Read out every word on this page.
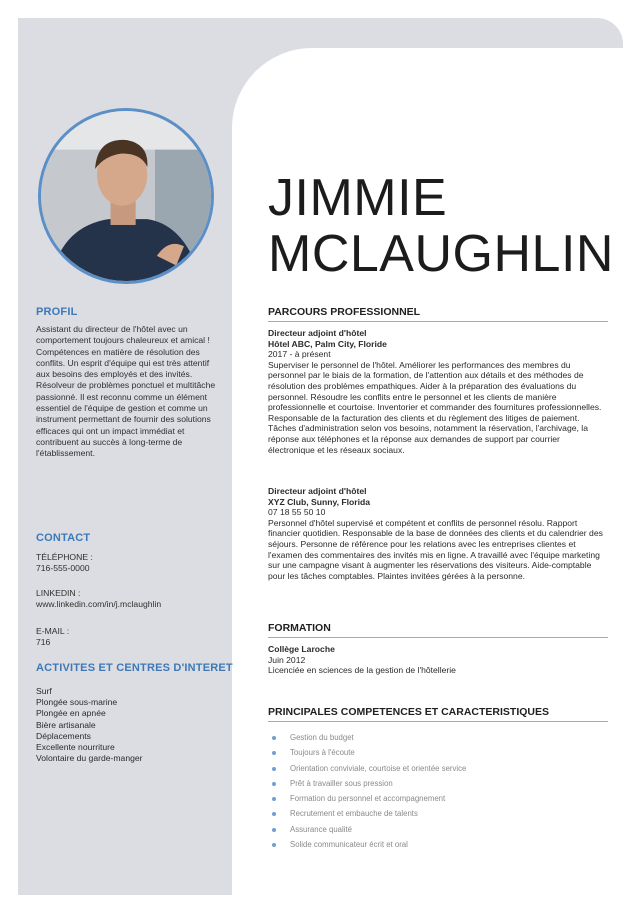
PROFIL

Assistant du directeur de l'hôtel avec un comportement toujours chaleureux et amical ! Compétences en matière de résolution des conflits. Un esprit d'équipe qui est très attentif aux besoins des employés et des invités. Résolveur de problèmes ponctuel et multitâche passionné. Il est reconnu comme un élément essentiel de l'équipe de gestion et comme un instrument permettant de fournir des solutions efficaces qui ont un impact immédiat et contribuent au succès à long-terme de l'établissement.

CONTACT

TÉLÉPHONE :

716-555-0000

LINKEDIN :

www.linkedin.com/in/j.mclaughlin

E-MAIL :

716

ACTIVITES ET CENTRES D'INTERET
Surf
Plongée sous-marine
Plongée en apnée
Bière artisanale
Déplacements
Excellente nourriture
Volontaire du garde-manger
JIMMIE
MCLAUGHLIN
PARCOURS PROFESSIONNEL

Directeur adjoint d'hôtel

Hôtel ABC, Palm City, Floride

2017 - à présent

Superviser le personnel de l'hôtel. Améliorer les performances des membres du personnel par le biais de la formation, de l'attention aux détails et des méthodes de résolution des problèmes empathiques. Aider à la préparation des évaluations du personnel. Résoudre les conflits entre le personnel et les clients de manière professionnelle et courtoise. Inventorier et commander des fournitures professionnelles. Responsable de la facturation des clients et du règlement des litiges de paiement. Tâches d'administration selon vos besoins, notamment la réservation, l'archivage, la réponse aux téléphones et la réponse aux demandes de support par courrier électronique et les réseaux sociaux.

Directeur adjoint d'hôtel

XYZ Club, Sunny, Florida

07 18 55 50 10

Personnel d'hôtel supervisé et compétent et conflits de personnel résolu. Rapport financier quotidien. Responsable de la base de données des clients et du calendrier des séjours. Personne de référence pour les relations avec les entreprises clientes et l'examen des commentaires des invités mis en ligne. A travaillé avec l'équipe marketing sur une campagne visant à augmenter les réservations des visiteurs. Aide-comptable pour les tâches comptables. Plaintes invitées gérées à la personne.

FORMATION

Collège Laroche

Juin 2012

Licenciée en sciences de la gestion de l'hôtellerie

PRINCIPALES COMPETENCES ET CARACTERISTIQUES
Gestion du budget
Toujours à l'écoute
Orientation conviviale, courtoise et orientée service
Prêt à travailler sous pression
Formation du personnel et accompagnement
Recrutement et embauche de talents
Assurance qualité
Solide communicateur écrit et oral
